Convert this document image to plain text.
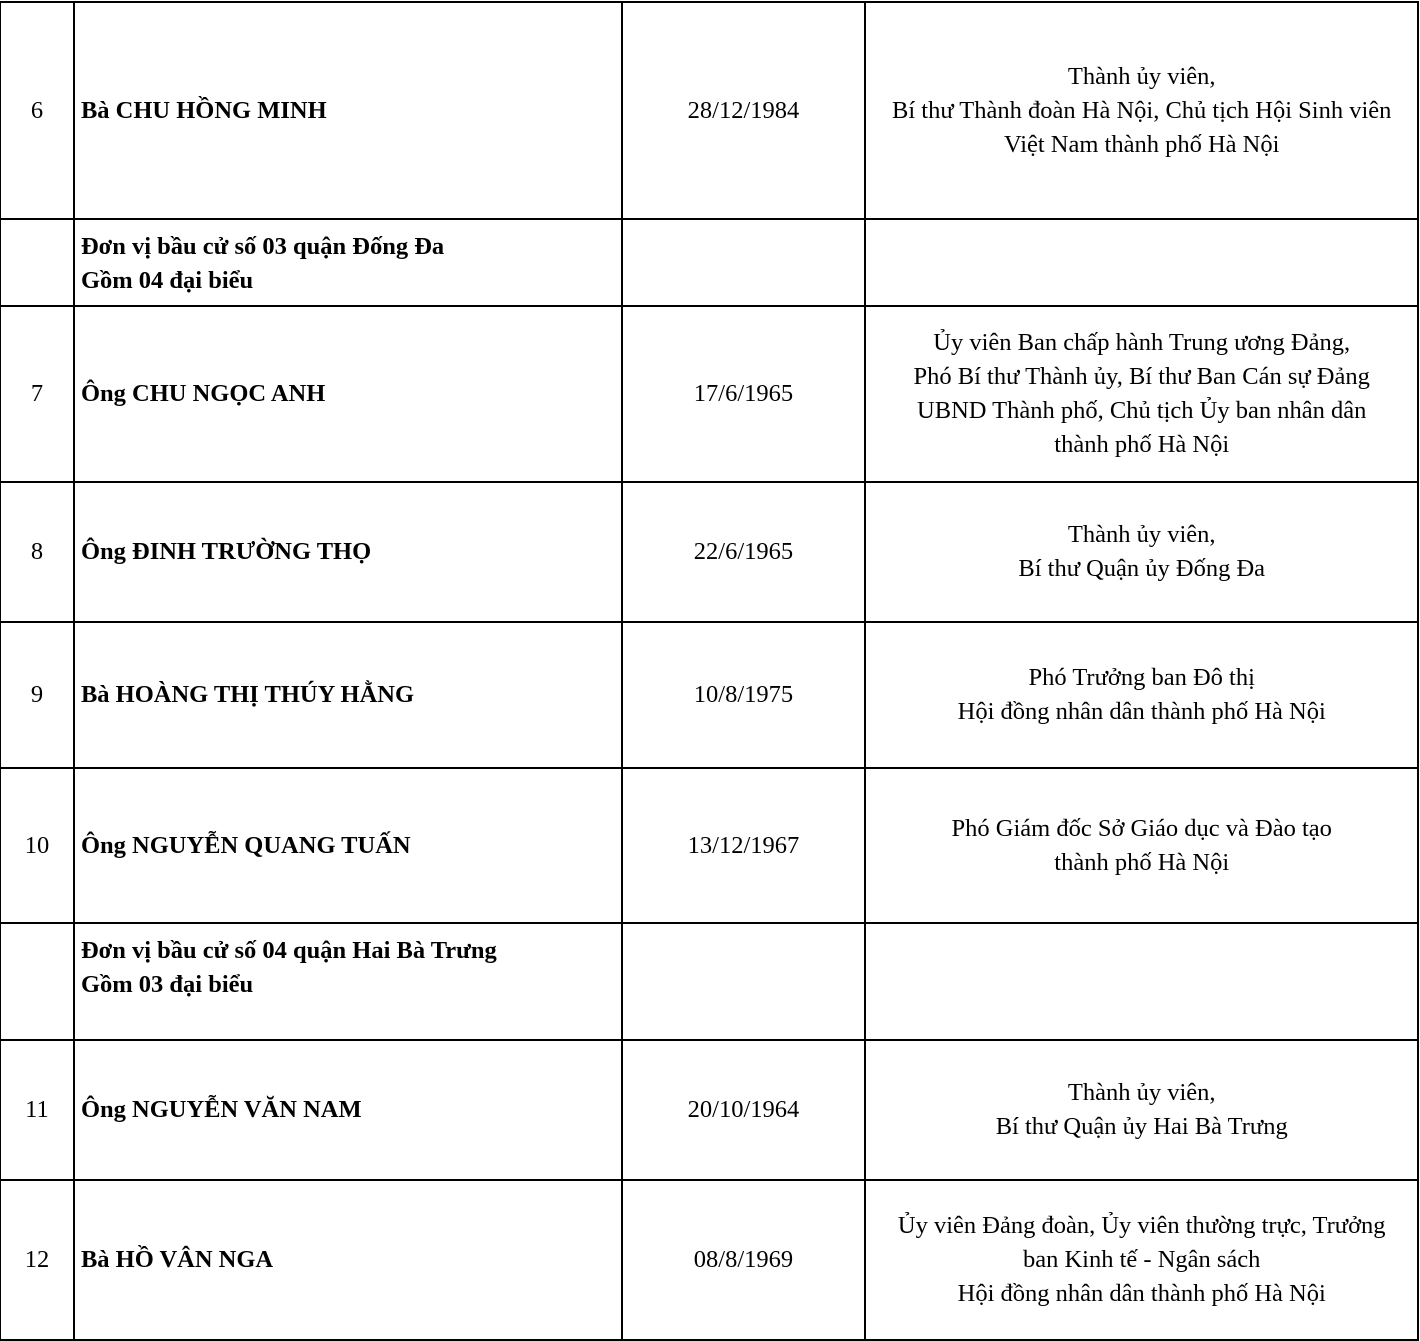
6	Bà CHU HỒNG MINH	28/12/1984	Thành ủy viên,
Bí thư Thành đoàn Hà Nội, Chủ tịch Hội Sinh viên
Việt Nam thành phố Hà Nội

	Đơn vị bầu cử số 03 quận Đống Đa
Gồm 04 đại biểu		

7	Ông CHU NGỌC ANH	17/6/1965	Ủy viên Ban chấp hành Trung ương Đảng,
Phó Bí thư Thành ủy, Bí thư Ban Cán sự Đảng
UBND Thành phố, Chủ tịch Ủy ban nhân dân
thành phố Hà Nội

8	Ông ĐINH TRƯỜNG THỌ	22/6/1965	Thành ủy viên,
Bí thư Quận ủy Đống Đa

9	Bà HOÀNG THỊ THÚY HẰNG	10/8/1975	Phó Trưởng ban Đô thị
Hội đồng nhân dân thành phố Hà Nội

10	Ông NGUYỄN QUANG TUẤN	13/12/1967	Phó Giám đốc Sở Giáo dục và Đào tạo
thành phố Hà Nội

	Đơn vị bầu cử số 04 quận Hai Bà Trưng
Gồm 03 đại biểu		

11	Ông NGUYỄN VĂN NAM	20/10/1964	Thành ủy viên,
Bí thư Quận ủy Hai Bà Trưng

12	Bà HỒ VÂN NGA	08/8/1969	Ủy viên Đảng đoàn, Ủy viên thường trực, Trưởng
ban Kinh tế - Ngân sách
Hội đồng nhân dân thành phố Hà Nội
